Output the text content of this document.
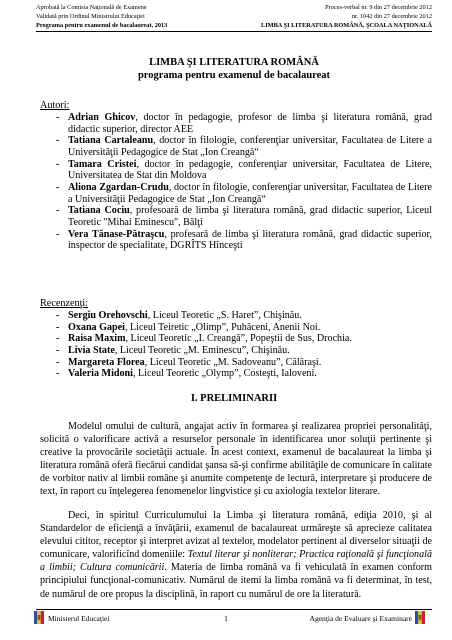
Aprobată la Comisia Naţională de Examene	Proces-verbal nr. 9 din 27 decembrie 2012
Validată prin Ordinul Ministrului Educaţiei	nr. 1042 din 27 decembrie 2012
Programa pentru examenul de bacalaureat, 2013	LIMBA ŞI LITERATURA ROMÂNĂ, ŞCOALA NAŢIONALĂ
LIMBA ŞI LITERATURA ROMÂNĂ
programa pentru examenul de bacalaureat
Autori:
- Adrian Ghicov, doctor în pedagogie, profesor de limba şi literatura română, grad didactic superior, director AEE
- Tatiana Cartaleanu, doctor în filologie, conferenţiar universitar, Facultatea de Litere a Universităţii Pedagogice de Stat „Ion Creangă“
- Tamara Cristei, doctor în pedagogie, conferenţiar universitar, Facultatea de Litere, Universitatea de Stat din Moldova
- Aliona Zgardan-Crudu, doctor în filologie, conferenţiar universitar, Facultatea de Litere a Universităţii Pedagogice de Stat „Ion Creangă“
- Tatiana Cociu, profesoară de limba şi literatura română, grad didactic superior, Liceul Teoretic "Mihai Eminescu", Bălţi
- Vera Tănase-Pătraşcu, profesară de limba şi literatura română, grad didactic superior, inspector de specialitate, DGRÎTS Hînceşti
Recenzenţi:
- Sergiu Orehovschi, Liceul Teoretic „S. Haret”, Chişinău.
- Oxana Gapei, Liceul Teiretic „Olimp”, Puhăceni, Anenii Noi.
- Raisa Maxim, Liceul Teoretic „I. Creangă”, Popeştii de Sus, Drochia.
- Livia State, Liceul Teoretic „M. Eminescu”, Chişinău.
- Margareta Florea, Liceul Teoretic „M. Sadoveanu”, Călăraşi.
- Valeria Midoni, Liceul Teoretic „Olymp”, Costeşti, Ialoveni.
I. PRELIMINARII

Modelul omului de cultură, angajat activ în formarea şi realizarea propriei personalităţi, solicită o valorificare activă a resurselor personale în identificarea unor soluţii pertinente şi creative la provocările societăţii actuale. În acest context, examenul de bacalaureat la limba şi literatura română oferă fiecărui candidat şansa să-şi confirme abilităţile de comunicare în calitate de vorbitor nativ al limbii române şi anumite competenţe de lectură, interpretare şi producere de text, în raport cu înţelegerea fenomenelor lingvistice şi cu axiologia textelor literare.

Deci, în spiritul Curriculumului la Limba şi literatura română, ediţia 2010, şi al Standardelor de eficienţă a învăţării, examenul de bacalaureat urmăreşte să aprecieze calitatea elevului cititor, receptor şi interpret avizat al textelor, modelator pertinent al diverselor situaţii de comunicare, valorificînd domeniile: Textul literar şi nonliterar; Practica raţională şi funcţională a limbii; Cultura comunicării. Materia de limba română va fi vehiculată în examen conform principiului funcţional-comunicativ. Numărul de itemi la limba română va fi determinat, în test, de numărul de ore propus la disciplină, în raport cu numărul de ore la literatură.

Ministerul Educaţiei	1	Agenţia de Evaluare şi Examinare
